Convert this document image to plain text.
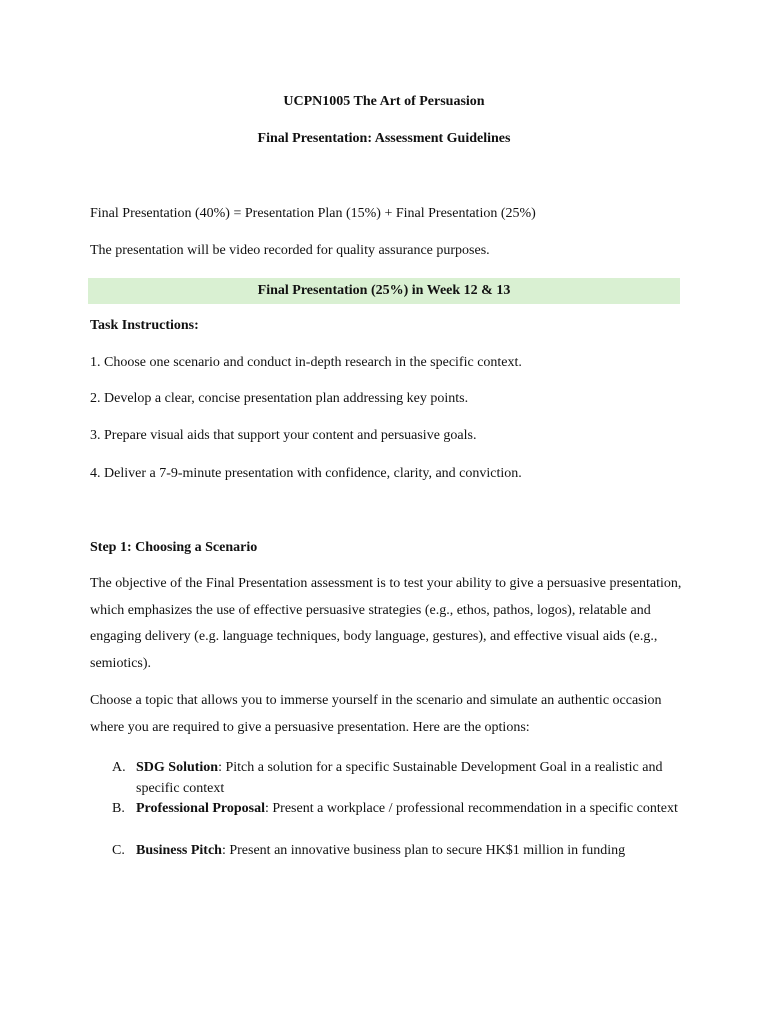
UCPN1005 The Art of Persuasion
Final Presentation: Assessment Guidelines
Final Presentation (40%) = Presentation Plan (15%) + Final Presentation (25%)
The presentation will be video recorded for quality assurance purposes.
Final Presentation (25%) in Week 12 & 13
Task Instructions:
1. Choose one scenario and conduct in-depth research in the specific context.
2. Develop a clear, concise presentation plan addressing key points.
3. Prepare visual aids that support your content and persuasive goals.
4. Deliver a 7-9-minute presentation with confidence, clarity, and conviction.
Step 1: Choosing a Scenario
The objective of the Final Presentation assessment is to test your ability to give a persuasive presentation, which emphasizes the use of effective persuasive strategies (e.g., ethos, pathos, logos), relatable and engaging delivery (e.g. language techniques, body language, gestures), and effective visual aids (e.g., semiotics).
Choose a topic that allows you to immerse yourself in the scenario and simulate an authentic occasion where you are required to give a persuasive presentation. Here are the options:
A. SDG Solution: Pitch a solution for a specific Sustainable Development Goal in a realistic and specific context
B. Professional Proposal: Present a workplace / professional recommendation in a specific context
C. Business Pitch: Present an innovative business plan to secure HK$1 million in funding
